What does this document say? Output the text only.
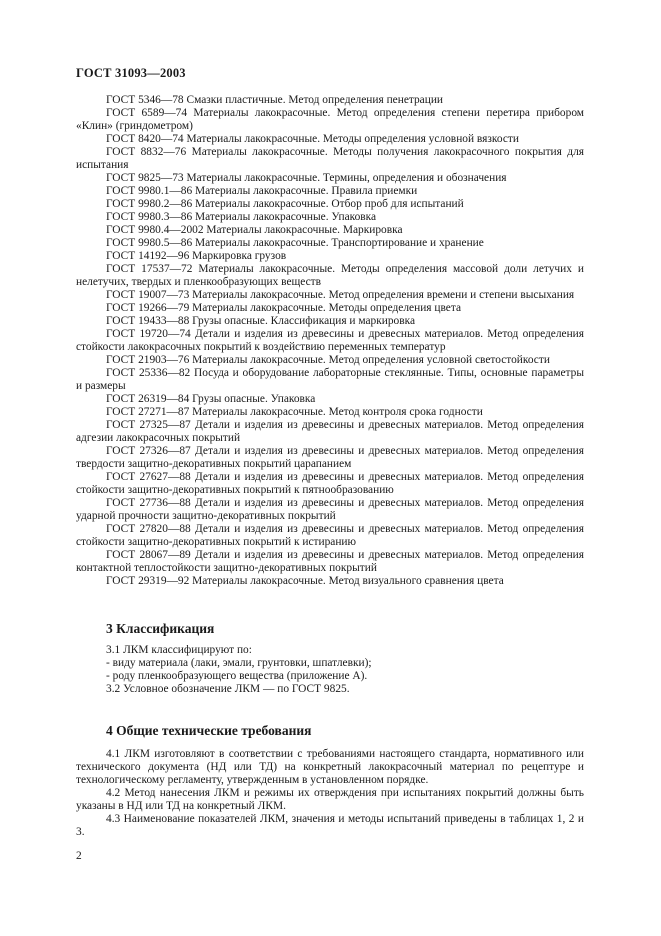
ГОСТ 31093—2003

ГОСТ 5346—78 Смазки пластичные. Метод определения пенетрации

ГОСТ 6589—74 Материалы лакокрасочные. Метод определения степени перетира прибором «Клин» (гриндометром)

ГОСТ 8420—74 Материалы лакокрасочные. Методы определения условной вязкости

ГОСТ 8832—76 Материалы лакокрасочные. Методы получения лакокрасочного покрытия для испытания

ГОСТ 9825—73 Материалы лакокрасочные. Термины, определения и обозначения

ГОСТ 9980.1—86 Материалы лакокрасочные. Правила приемки

ГОСТ 9980.2—86 Материалы лакокрасочные. Отбор проб для испытаний

ГОСТ 9980.3—86 Материалы лакокрасочные. Упаковка

ГОСТ 9980.4—2002 Материалы лакокрасочные. Маркировка

ГОСТ 9980.5—86 Материалы лакокрасочные. Транспортирование и хранение

ГОСТ 14192—96 Маркировка грузов

ГОСТ 17537—72 Материалы лакокрасочные. Методы определения массовой доли летучих и нелетучих, твердых и пленкообразующих веществ

ГОСТ 19007—73 Материалы лакокрасочные. Метод определения времени и степени высыхания

ГОСТ 19266—79 Материалы лакокрасочные. Методы определения цвета

ГОСТ 19433—88 Грузы опасные. Классификация и маркировка

ГОСТ 19720—74 Детали и изделия из древесины и древесных материалов. Метод определения стойкости лакокрасочных покрытий к воздействию переменных температур

ГОСТ 21903—76 Материалы лакокрасочные. Метод определения условной светостойкости

ГОСТ 25336—82 Посуда и оборудование лабораторные стеклянные. Типы, основные параметры и размеры

ГОСТ 26319—84 Грузы опасные. Упаковка

ГОСТ 27271—87 Материалы лакокрасочные. Метод контроля срока годности

ГОСТ 27325—87 Детали и изделия из древесины и древесных материалов. Метод определения адгезии лакокрасочных покрытий

ГОСТ 27326—87 Детали и изделия из древесины и древесных материалов. Метод определения твердости защитно-декоративных покрытий царапанием

ГОСТ 27627—88 Детали и изделия из древесины и древесных материалов. Метод определения стойкости защитно-декоративных покрытий к пятнообразованию

ГОСТ 27736—88 Детали и изделия из древесины и древесных материалов. Метод определения ударной прочности защитно-декоративных покрытий

ГОСТ 27820—88 Детали и изделия из древесины и древесных материалов. Метод определения стойкости защитно-декоративных покрытий к истиранию

ГОСТ 28067—89 Детали и изделия из древесины и древесных материалов. Метод определения контактной теплостойкости защитно-декоративных покрытий

ГОСТ 29319—92 Материалы лакокрасочные. Метод визуального сравнения цвета

3 Классификация

3.1 ЛКМ классифицируют по:

- виду материала (лаки, эмали, грунтовки, шпатлевки);

- роду пленкообразующего вещества (приложение А).

3.2 Условное обозначение ЛКМ — по ГОСТ 9825.

4 Общие технические требования

4.1 ЛКМ изготовляют в соответствии с требованиями настоящего стандарта, нормативного или технического документа (НД или ТД) на конкретный лакокрасочный материал по рецептуре и технологическому регламенту, утвержденным в установленном порядке.

4.2 Метод нанесения ЛКМ и режимы их отверждения при испытаниях покрытий должны быть указаны в НД или ТД на конкретный ЛКМ.

4.3 Наименование показателей ЛКМ, значения и методы испытаний приведены в таблицах 1, 2 и 3.

2
